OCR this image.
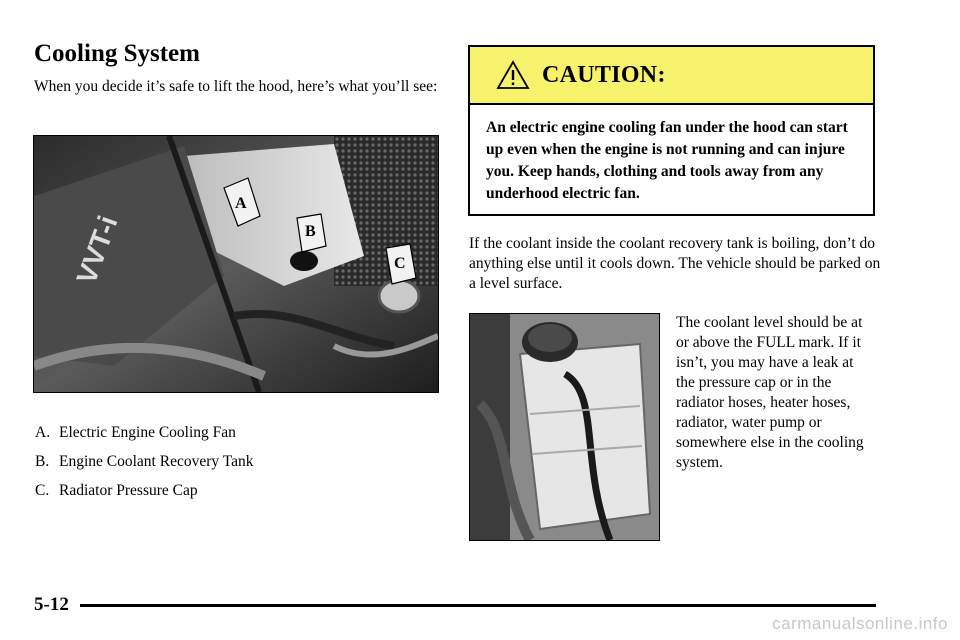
Cooling System

When you decide it’s safe to lift the hood, here’s what you’ll see:

VVT-i
A
B
C
A. Electric Engine Cooling Fan
B. Engine Coolant Recovery Tank
C. Radiator Pressure Cap
CAUTION:

An electric engine cooling fan under the hood can start up even when the engine is not running and can injure you. Keep hands, clothing and tools away from any underhood electric fan.

If the coolant inside the coolant recovery tank is boiling, don’t do anything else until it cools down. The vehicle should be parked on a level surface.

The coolant level should be at or above the FULL mark. If it isn’t, you may have a leak at the pressure cap or in the radiator hoses, heater hoses, radiator, water pump or somewhere else in the cooling system.

5-12
carmanualsonline.info
